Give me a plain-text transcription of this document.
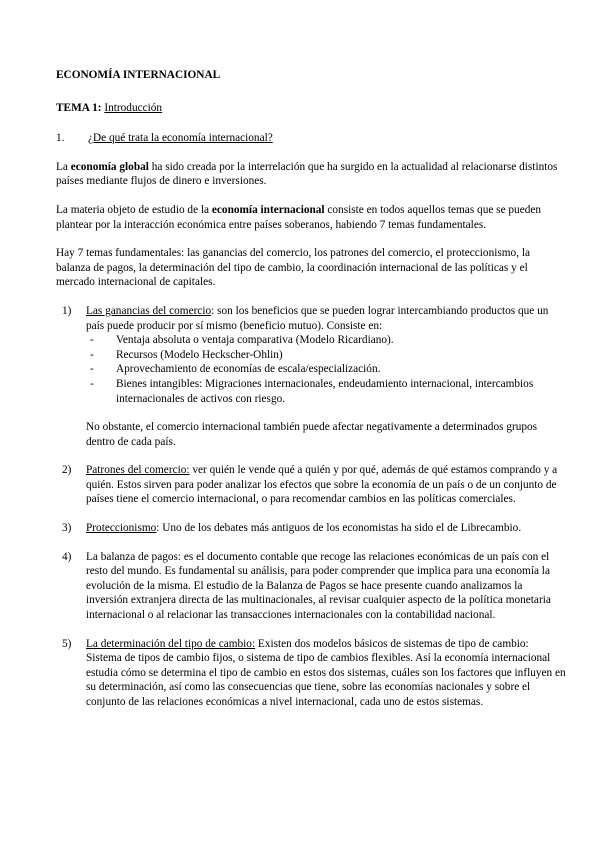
ECONOMÍA INTERNACIONAL

TEMA 1: Introducción

1.	¿De qué trata la economía internacional?

La economía global ha sido creada por la interrelación que ha surgido en la actualidad al relacionarse distintos países mediante flujos de dinero e inversiones.

La materia objeto de estudio de la economía internacional consiste en todos aquellos temas que se pueden plantear por la interacción económica entre países soberanos, habiendo 7 temas fundamentales.

Hay 7 temas fundamentales: las ganancias del comercio, los patrones del comercio, el proteccionismo, la balanza de pagos, la determinación del tipo de cambio, la coordinación internacional de las políticas y el mercado internacional de capitales.

1)	Las ganancias del comercio: son los beneficios que se pueden lograr intercambiando productos que un país puede producir por sí mismo (beneficio mutuo). Consiste en:

-	Ventaja absoluta o ventaja comparativa (Modelo Ricardiano).
-	Recursos (Modelo Heckscher-Ohlin)
-	Aprovechamiento de economías de escala/especialización.
-	Bienes intangibles: Migraciones internacionales, endeudamiento internacional, intercambios internacionales de activos con riesgo.

No obstante, el comercio internacional también puede afectar negativamente a determinados grupos dentro de cada país.

2)	Patrones del comercio: ver quién le vende qué a quién y por qué, además de qué estamos comprando y a quién. Estos sirven para poder analizar los efectos que sobre la economía de un país o de un conjunto de países tiene el comercio internacional, o para recomendar cambios en las políticas comerciales.

3)	Proteccionismo: Uno de los debates más antiguos de los economistas ha sido el de Librecambio.

4)	La balanza de pagos: es el documento contable que recoge las relaciones económicas de un país con el resto del mundo. Es fundamental su análisis, para poder comprender que implica para una economía la evolución de la misma. El estudio de la Balanza de Pagos se hace presente cuando analizamos la inversión extranjera directa de las multinacionales, al revisar cualquier aspecto de la política monetaria internacional o al relacionar las transacciones internacionales con la contabilidad nacional.

5)	La determinación del tipo de cambio: Existen dos modelos básicos de sistemas de tipo de cambio: Sistema de tipos de cambio fijos, o sistema de tipo de cambios flexibles. Así la economía internacional estudia cómo se determina el tipo de cambio en estos dos sistemas, cuáles son los factores que influyen en su determinación, así como las consecuencias que tiene, sobre las economías nacionales y sobre el conjunto de las relaciones económicas a nivel internacional, cada uno de estos sistemas.
